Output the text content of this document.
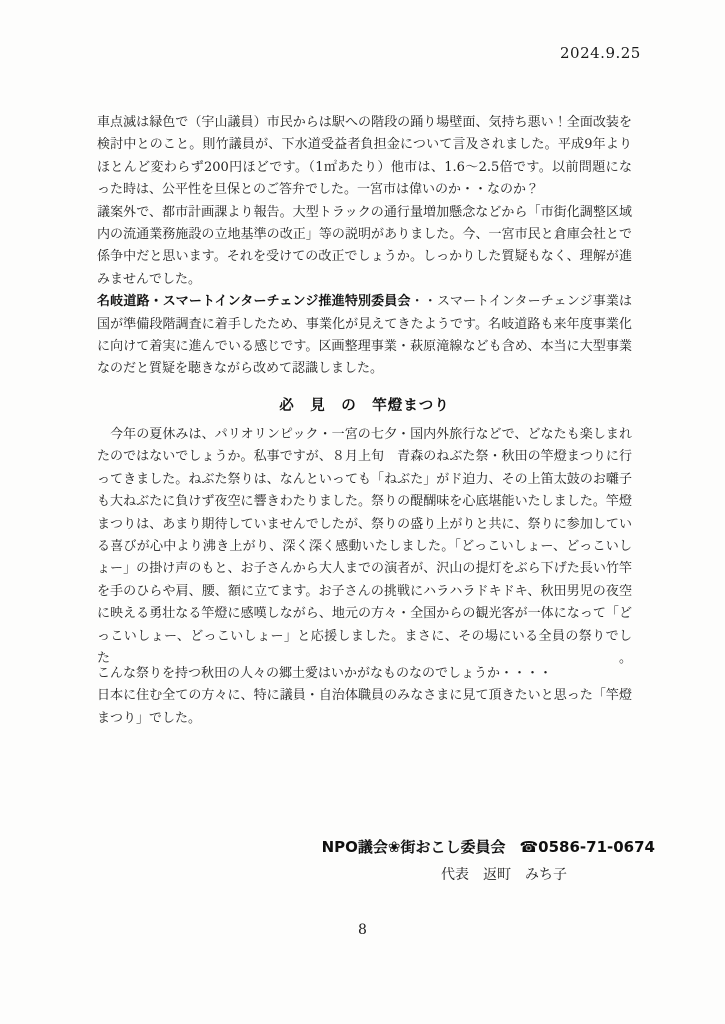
2024.9.25
車点滅は緑色で（宇山議員）市民からは駅への階段の踊り場壁面、気持ち悪い！全面改装を
検討中とのこと。則竹議員が、下水道受益者負担金について言及されました。平成9年より
ほとんど変わらず200円ほどです。（1㎡あたり）他市は、1.6～2.5倍です。以前問題にな
った時は、公平性を旦保とのご答弁でした。一宮市は偉いのか・・なのか？
議案外で、都市計画課より報告。大型トラックの通行量増加懸念などから「市街化調整区域
内の流通業務施設の立地基準の改正」等の説明がありました。今、一宮市民と倉庫会社とで
係争中だと思います。それを受けての改正でしょうか。しっかりした質疑もなく、理解が進
みませんでした。
名岐道路・スマートインターチェンジ推進特別委員会・・スマートインターチェンジ事業は
国が準備段階調査に着手したため、事業化が見えてきたようです。名岐道路も来年度事業化
に向けて着実に進んでいる感じです。区画整理事業・萩原滝線なども含め、本当に大型事業
なのだと質疑を聴きながら改めて認識しました。
必　見　の　竿燈まつり
　今年の夏休みは、パリオリンピック・一宮の七夕・国内外旅行などで、どなたも楽しまれ
たのではないでしょうか。私事ですが、８月上旬　青森のねぶた祭・秋田の竿燈まつりに行
ってきました。ねぶた祭りは、なんといっても「ねぶた」がド迫力、その上笛太鼓のお囃子
も大ねぶたに負けず夜空に響きわたりました。祭りの醍醐味を心底堪能いたしました。竿燈
まつりは、あまり期待していませんでしたが、祭りの盛り上がりと共に、祭りに参加してい
る喜びが心中より沸き上がり、深く深く感動いたしました。「どっこいしょー、どっこいし
ょー」の掛け声のもと、お子さんから大人までの演者が、沢山の提灯をぶら下げた長い竹竿
を手のひらや肩、腰、額に立てます。お子さんの挑戦にハラハラドキドキ、秋田男児の夜空
に映える勇壮なる竿燈に感嘆しながら、地元の方々・全国からの観光客が一体になって「ど
っこいしょー、どっこいしょー」と応援しました。まさに、その場にいる全員の祭りでした。
こんな祭りを持つ秋田の人々の郷土愛はいかがなものなのでしょうか・・・・
日本に住む全ての方々に、特に議員・自治体職員のみなさまに見て頂きたいと思った「竿燈
まつり」でした。
NPO議会❀街おこし委員会 ☎0586-71-0674
代表　返町　みち子
8
